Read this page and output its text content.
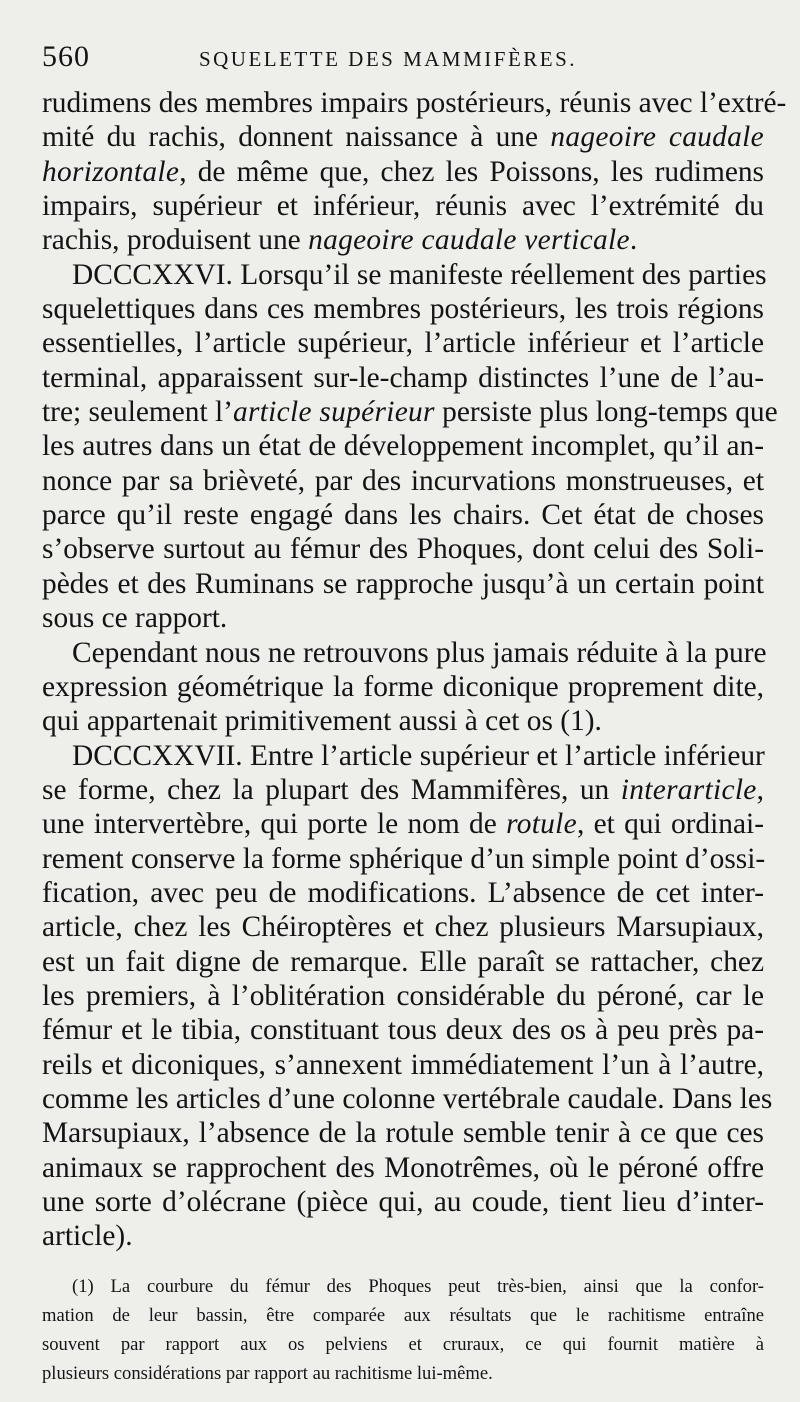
560	SQUELETTE DES MAMMIFÈRES.
rudimens des membres impairs postérieurs, réunis avec l’extré-
mité du rachis, donnent naissance à une nageoire caudale
horizontale, de même que, chez les Poissons, les rudimens
impairs, supérieur et inférieur, réunis avec l’extrémité du
rachis, produisent une nageoire caudale verticale.
DCCCXXVI. Lorsqu’il se manifeste réellement des parties
squelettiques dans ces membres postérieurs, les trois régions
essentielles, l’article supérieur, l’article inférieur et l’article
terminal, apparaissent sur-le-champ distinctes l’une de l’au-
tre; seulement l’article supérieur persiste plus long-temps que
les autres dans un état de développement incomplet, qu’il an-
nonce par sa brièveté, par des incurvations monstrueuses, et
parce qu’il reste engagé dans les chairs. Cet état de choses
s’observe surtout au fémur des Phoques, dont celui des Soli-
pèdes et des Ruminans se rapproche jusqu’à un certain point
sous ce rapport.
Cependant nous ne retrouvons plus jamais réduite à la pure
expression géométrique la forme diconique proprement dite,
qui appartenait primitivement aussi à cet os (1).
DCCCXXVII. Entre l’article supérieur et l’article inférieur
se forme, chez la plupart des Mammifères, un interarticle,
une intervertèbre, qui porte le nom de rotule, et qui ordinai-
rement conserve la forme sphérique d’un simple point d’ossi-
fication, avec peu de modifications. L’absence de cet inter-
article, chez les Chéiroptères et chez plusieurs Marsupiaux,
est un fait digne de remarque. Elle paraît se rattacher, chez
les premiers, à l’oblitération considérable du péroné, car le
fémur et le tibia, constituant tous deux des os à peu près pa-
reils et diconiques, s’annexent immédiatement l’un à l’autre,
comme les articles d’une colonne vertébrale caudale. Dans les
Marsupiaux, l’absence de la rotule semble tenir à ce que ces
animaux se rapprochent des Monotrêmes, où le péroné offre
une sorte d’olécrane (pièce qui, au coude, tient lieu d’inter-
article).
(1) La courbure du fémur des Phoques peut très-bien, ainsi que la confor-
mation de leur bassin, être comparée aux résultats que le rachitisme entraîne
souvent par rapport aux os pelviens et cruraux, ce qui fournit matière à
plusieurs considérations par rapport au rachitisme lui-même.
